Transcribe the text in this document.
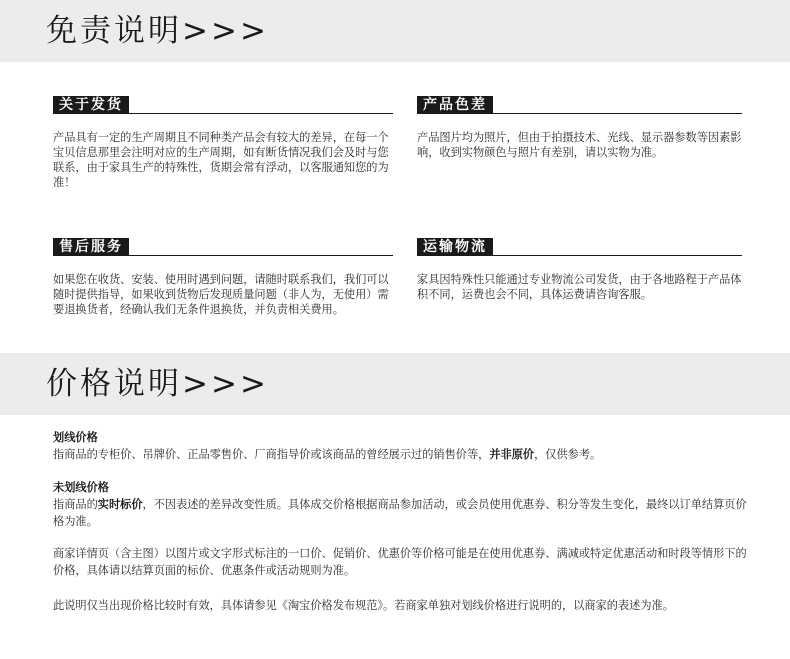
免责说明>>>
关于发货
产品具有一定的生产周期且不同种类产品会有较大的差异，在每一个宝贝信息那里会注明对应的生产周期，如有断货情况我们会及时与您联系，由于家具生产的特殊性，货期会常有浮动，以客服通知您的为准！
产品色差
产品图片均为照片，但由于拍摄技术、光线、显示器参数等因素影响，收到实物颜色与照片有差别，请以实物为准。
售后服务
如果您在收货、安装、使用时遇到问题，请随时联系我们，我们可以随时提供指导，如果收到货物后发现质量问题（非人为，无使用）需要退换货者，经确认我们无条件退换货，并负责相关费用。
运输物流
家具因特殊性只能通过专业物流公司发货，由于各地路程于产品体积不同，运费也会不同，具体运费请咨询客服。
价格说明>>>
划线价格
指商品的专柜价、吊牌价、正品零售价、厂商指导价或该商品的曾经展示过的销售价等，并非原价，仅供参考。
未划线价格
指商品的实时标价，不因表述的差异改变性质。具体成交价格根据商品参加活动，或会员使用优惠券、积分等发生变化，最终以订单结算页价格为准。
商家详情页（含主图）以图片或文字形式标注的一口价、促销价、优惠价等价格可能是在使用优惠券、满减或特定优惠活动和时段等情形下的价格，具体请以结算页面的标价、优惠条件或活动规则为准。
此说明仅当出现价格比较时有效，具体请参见《淘宝价格发布规范》。若商家单独对划线价格进行说明的，以商家的表述为准。
